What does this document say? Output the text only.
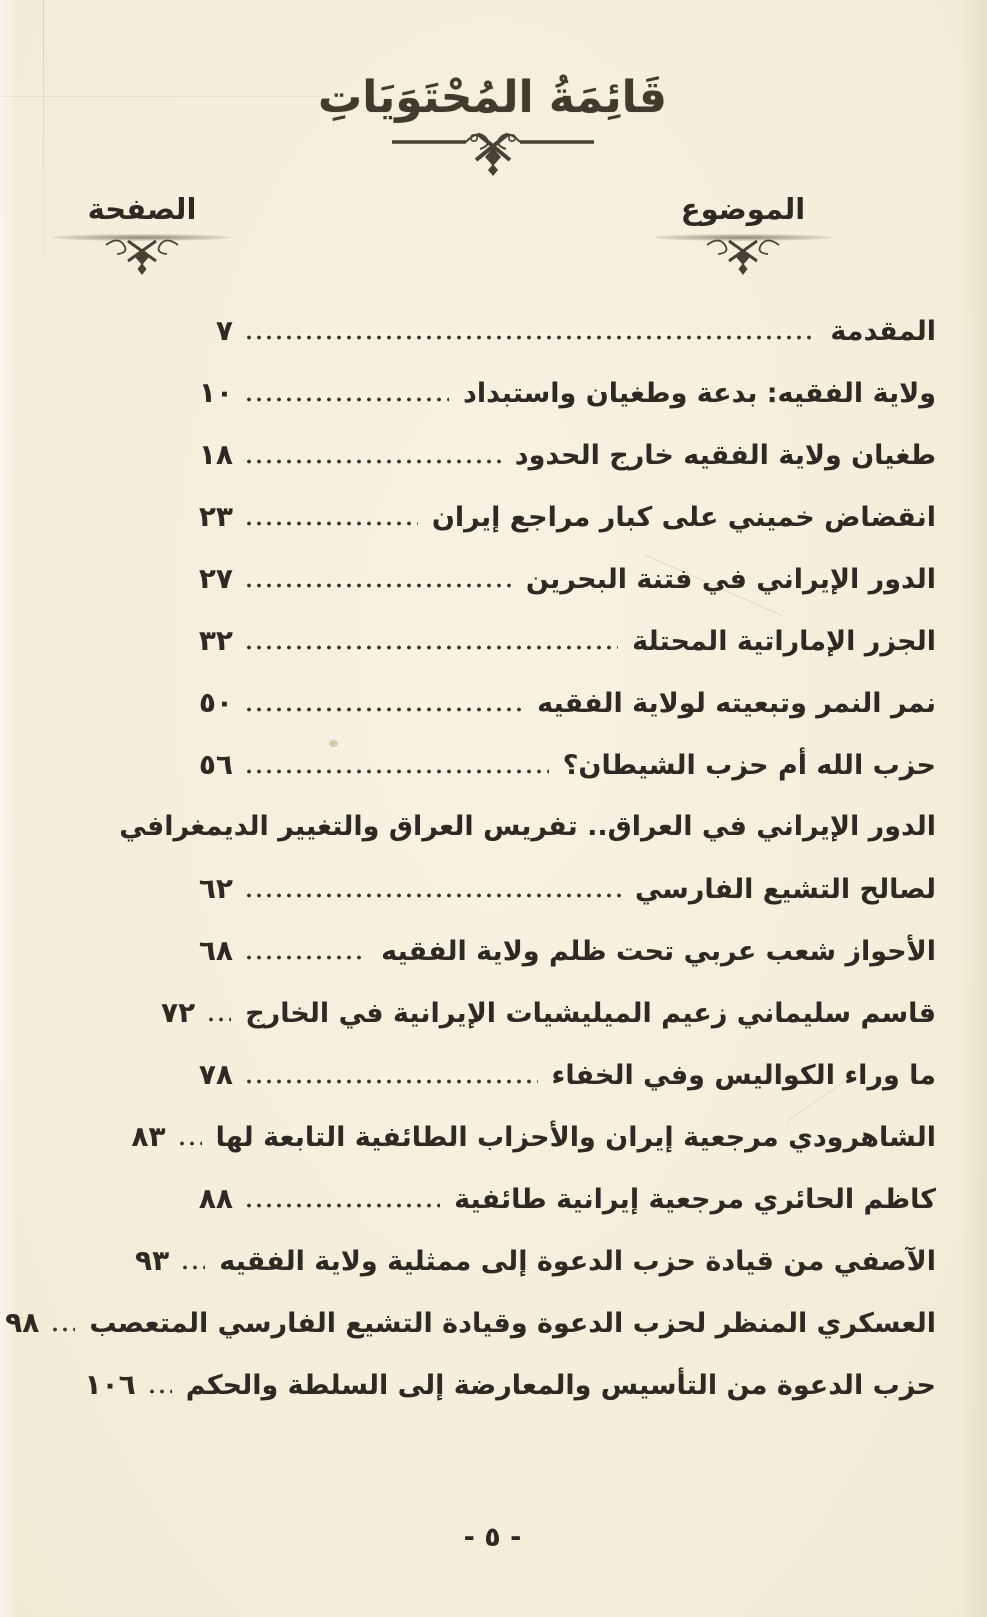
قَائِمَةُ المُحْتَوَيَاتِ
الموضوع
الصفحة
المقدمة
٧
ولاية الفقيه: بدعة وطغيان واستبداد
١٠
طغيان ولاية الفقيه خارج الحدود
١٨
انقضاض خميني على كبار مراجع إيران
٢٣
الدور الإيراني في فتنة البحرين
٢٧
الجزر الإماراتية المحتلة
٣٢
نمر النمر وتبعيته لولاية الفقيه
٥٠
حزب الله أم حزب الشيطان؟
٥٦
الدور الإيراني في العراق.. تفريس العراق والتغيير الديمغرافي
لصالح التشيع الفارسي
٦٢
الأحواز شعب عربي تحت ظلم ولاية الفقيه
٦٨
قاسم سليماني زعيم الميليشيات الإيرانية في الخارج
٧٢
ما وراء الكواليس وفي الخفاء
٧٨
الشاهرودي مرجعية إيران والأحزاب الطائفية التابعة لها
٨٣
كاظم الحائري مرجعية إيرانية طائفية
٨٨
الآصفي من قيادة حزب الدعوة إلى ممثلية ولاية الفقيه
٩٣
العسكري المنظر لحزب الدعوة وقيادة التشيع الفارسي المتعصب
٩٨
حزب الدعوة من التأسيس والمعارضة إلى السلطة والحكم
١٠٦
- ٥ -
